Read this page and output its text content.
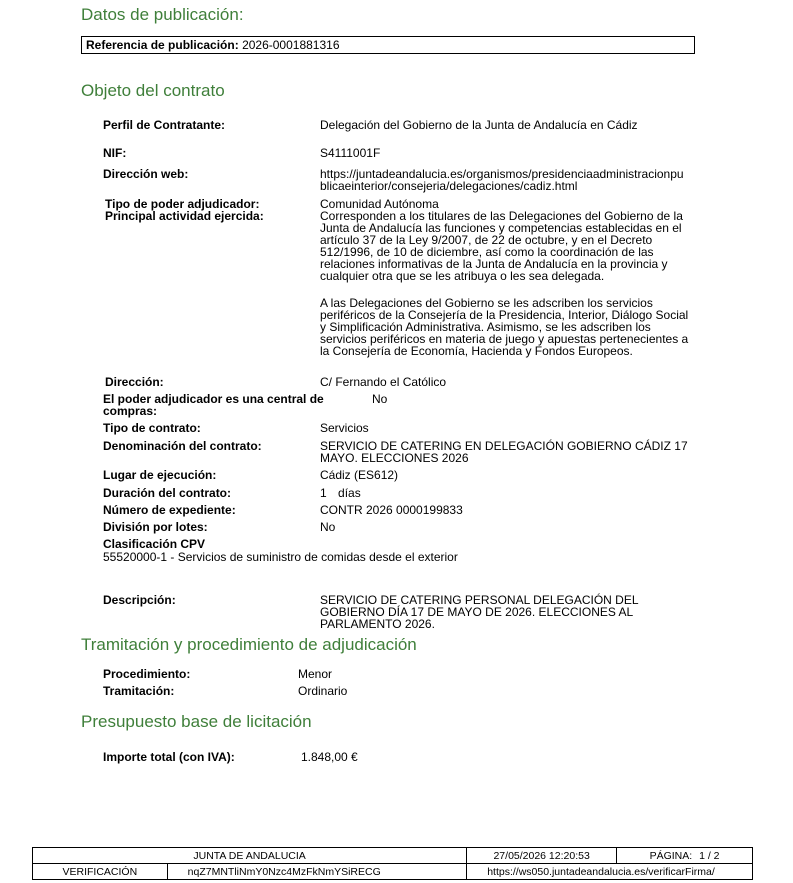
Datos de publicación:
Referencia de publicación: 2026-0001881316
Objeto del contrato
Perfil de Contratante:	Delegación del Gobierno de la Junta de Andalucía en Cádiz
NIF:	S4111001F
Dirección web:	https://juntadeandalucia.es/organismos/presidenciaadministracionpublicaeinterior/consejeria/delegaciones/cadiz.html
Tipo de poder adjudicador:	Comunidad Autónoma
Principal actividad ejercida:	Corresponden a los titulares de las Delegaciones del Gobierno de la Junta de Andalucía las funciones y competencias establecidas en el artículo 37 de la Ley 9/2007, de 22 de octubre, y en el Decreto 512/1996, de 10 de diciembre, así como la coordinación de las relaciones informativas de la Junta de Andalucía en la provincia y cualquier otra que se les atribuya o les sea delegada.
A las Delegaciones del Gobierno se les adscriben los servicios periféricos de la Consejería de la Presidencia, Interior, Diálogo Social y Simplificación Administrativa. Asimismo, se les adscriben los servicios periféricos en materia de juego y apuestas pertenecientes a la Consejería de Economía, Hacienda y Fondos Europeos.
Dirección:	C/ Fernando el Católico
El poder adjudicador es una central de compras:
No
Tipo de contrato:	Servicios
Denominación del contrato:	SERVICIO DE CATERING EN DELEGACIÓN GOBIERNO CÁDIZ 17 MAYO. ELECCIONES 2026
Lugar de ejecución:	Cádiz (ES612)
Duración del contrato:	1 días
Número de expediente:	CONTR 2026 0000199833
División por lotes:	No
Clasificación CPV
55520000-1 - Servicios de suministro de comidas desde el exterior
Descripción:	SERVICIO DE CATERING PERSONAL DELEGACIÓN DEL GOBIERNO DÍA 17 DE MAYO DE 2026. ELECCIONES AL PARLAMENTO 2026.
Tramitación y procedimiento de adjudicación
Procedimiento:	Menor
Tramitación:	Ordinario
Presupuesto base de licitación
Importe total (con IVA):	1.848,00 €
JUNTA DE ANDALUCIA		27/05/2026 12:20:53	PÁGINA: 1 / 2
VERIFICACIÓN	nqZ7MNTliNmY0Nzc4MzFkNmYSiRECG	https://ws050.juntadeandalucia.es/verificarFirma/	
